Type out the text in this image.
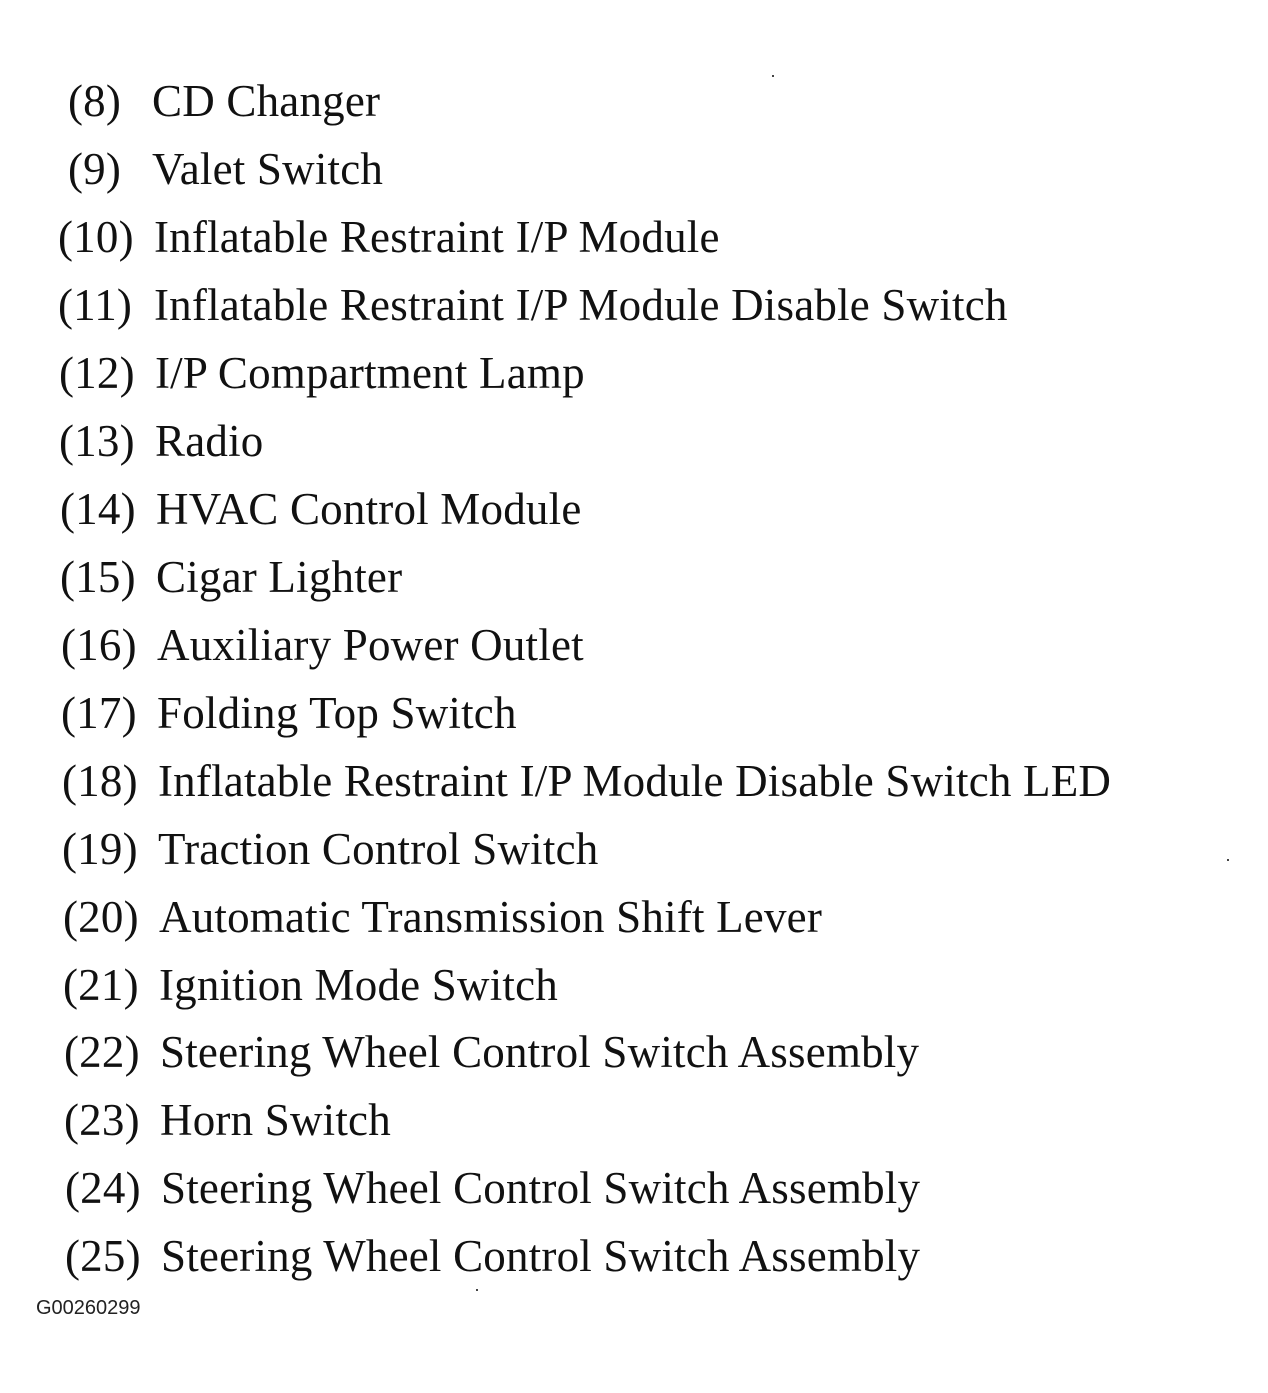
(8) CD Changer
(9) Valet Switch
(10) Inflatable Restraint I/P Module
(11) Inflatable Restraint I/P Module Disable Switch
(12) I/P Compartment Lamp
(13) Radio
(14) HVAC Control Module
(15) Cigar Lighter
(16) Auxiliary Power Outlet
(17) Folding Top Switch
(18) Inflatable Restraint I/P Module Disable Switch LED
(19) Traction Control Switch
(20) Automatic Transmission Shift Lever
(21) Ignition Mode Switch
(22) Steering Wheel Control Switch Assembly
(23) Horn Switch
(24) Steering Wheel Control Switch Assembly
(25) Steering Wheel Control Switch Assembly
G00260299
